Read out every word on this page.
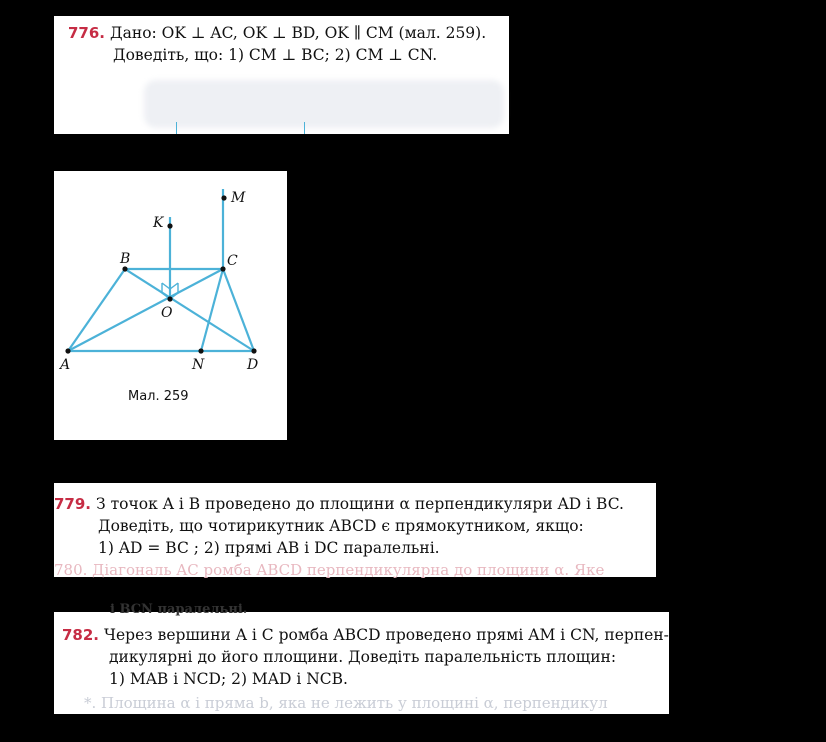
776. Дано: OK ⊥ AC, OK ⊥ BD, OK ∥ CM (мал. 259).
Доведіть, що: 1) CM ⊥ BC; 2) CM ⊥ CN.
K
M
B	C
O
A	N	D
Мал. 259
779. З точок A і B проведено до площини α перпендикуляри AD і BC.
Доведіть, що чотирикутник ABCD є прямокутником, якщо:
1) AD = BC ; 2) прямі AB і DC паралельні.
780. Діагональ AC ромба ABCD перпендикулярна до площини α. Яке
і BCN паралельні.
782. Через вершини A і C ромба ABCD проведено прямі AM і CN, перпен-
дикулярні до його площини. Доведіть паралельність площин:
1) MAB і NCD; 2) MAD і NCB.
*. Площина α і пряма b, яка не лежить у площині α, перпендикул
